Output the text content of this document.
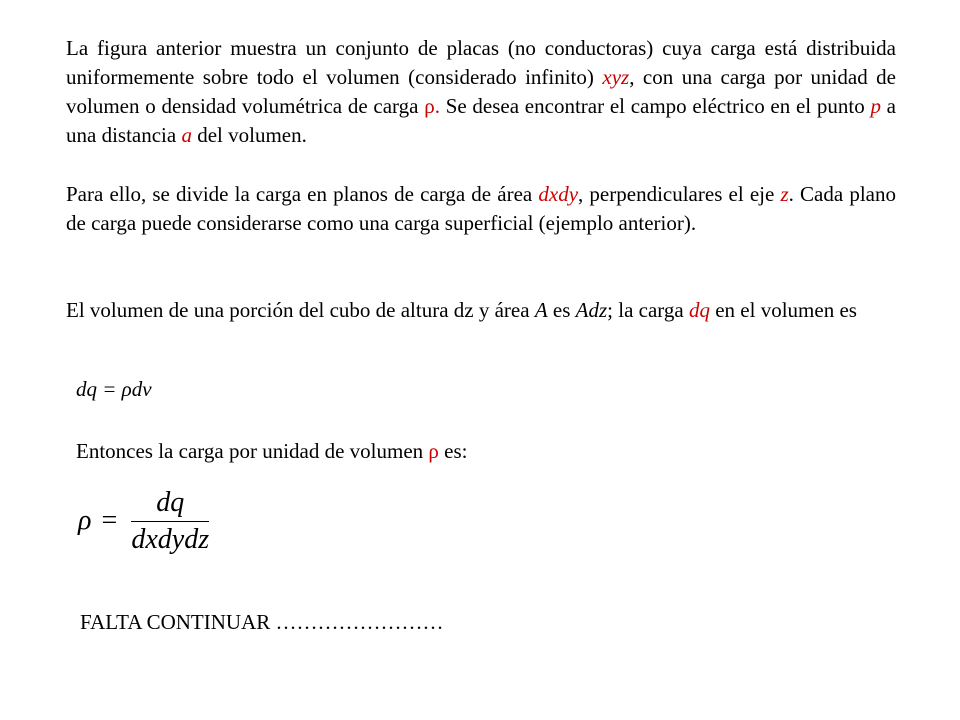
La figura anterior muestra un conjunto de placas (no conductoras) cuya carga está distribuida uniformemente sobre todo el volumen (considerado infinito) xyz, con una carga por unidad de volumen o densidad volumétrica de carga ρ. Se desea encontrar el campo eléctrico en el punto p a una distancia a del volumen.

Para ello, se divide la carga en planos de carga de área dxdy, perpendiculares el eje z. Cada plano de carga puede considerarse como una carga superficial (ejemplo anterior).

El volumen de una porción del cubo de altura dz y área A es Adz; la carga dq en el volumen es

dq = ρdv
Entonces la carga por unidad de volumen ρ es:
$\rho = \frac{dq}{\text{dxdydz}}$
FALTA CONTINUAR ……………………
